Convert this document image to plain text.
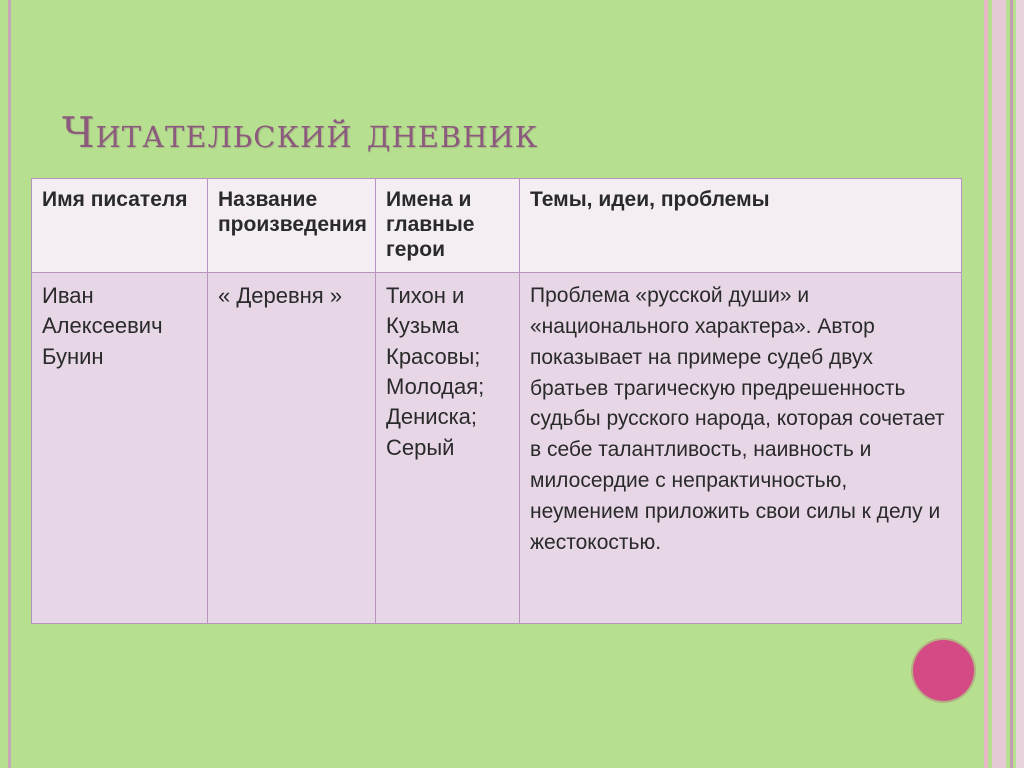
Читательский дневник
Имя писателя	Название произведения	Имена и главные герои	Темы, идеи, проблемы
Иван Алексеевич Бунин	« Деревня »	Тихон и Кузьма Красовы; Молодая; Дениска; Серый	Проблема «русской души» и «национального характера». Автор показывает на примере судеб двух братьев трагическую предрешенность судьбы русского народа, которая сочетает в себе талантливость, наивность и милосердие с непрактичностью, неумением приложить свои силы к делу и жестокостью.
